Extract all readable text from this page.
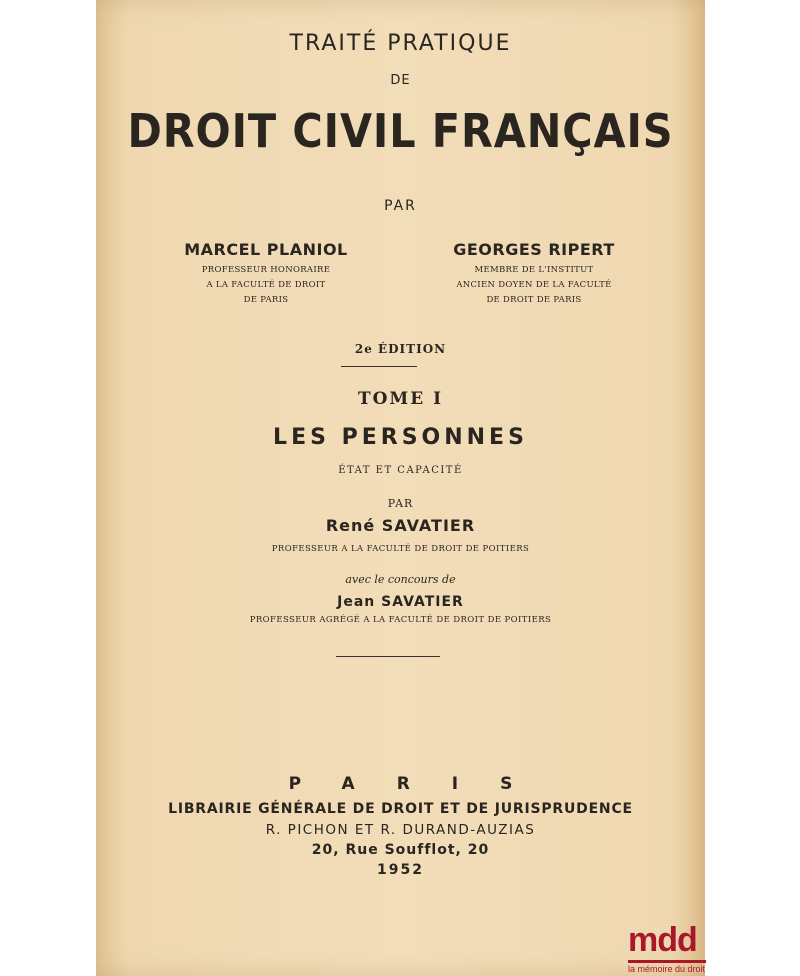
TRAITÉ PRATIQUE
DE
DROIT CIVIL FRANÇAIS
PAR
MARCEL PLANIOL
PROFESSEUR HONORAIRE
A LA FACULTÉ DE DROIT
DE PARIS
GEORGES RIPERT
MEMBRE DE L'INSTITUT
ANCIEN DOYEN DE LA FACULTÉ
DE DROIT DE PARIS
2e ÉDITION
TOME I
LES PERSONNES
ÉTAT ET CAPACITÉ
PAR
René SAVATIER
PROFESSEUR A LA FACULTÉ DE DROIT DE POITIERS
avec le concours de
Jean SAVATIER
PROFESSEUR AGRÉGÉ A LA FACULTÉ DE DROIT DE POITIERS
PARIS
LIBRAIRIE GÉNÉRALE DE DROIT ET DE JURISPRUDENCE
R. PICHON ET R. DURAND-AUZIAS
20, Rue Soufflot, 20
1952
mdd
la mémoire du droit
